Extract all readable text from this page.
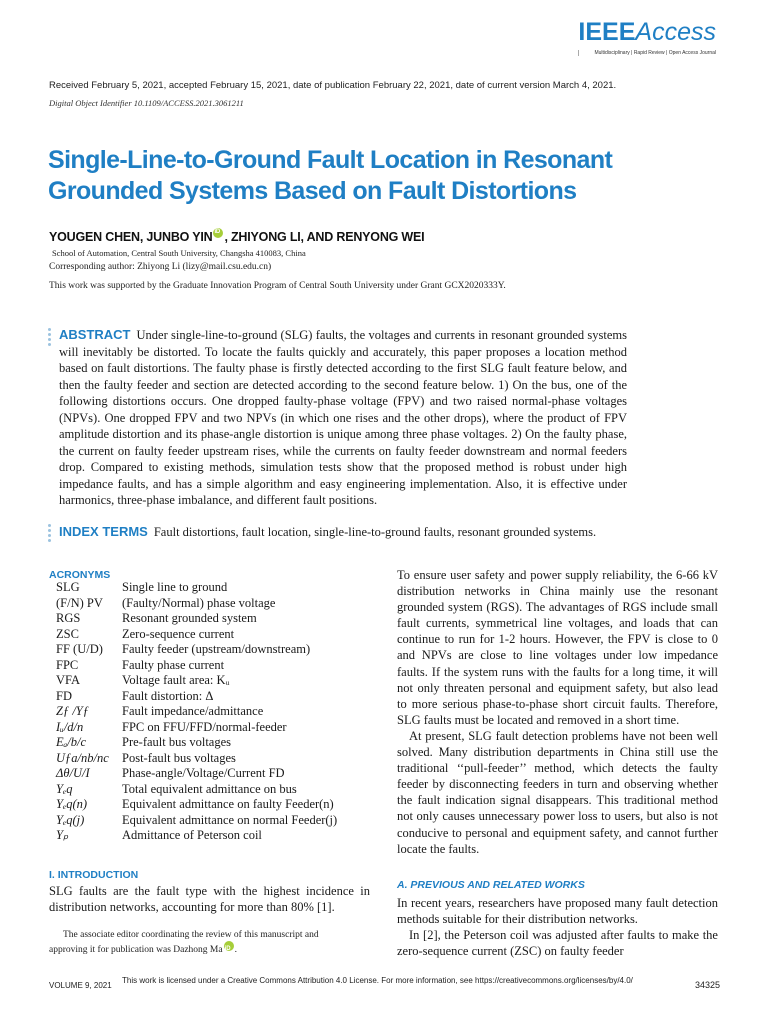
IEEEAccess
Multidisciplinary | Rapid Review | Open Access Journal
Received February 5, 2021, accepted February 15, 2021, date of publication February 22, 2021, date of current version March 4, 2021.
Digital Object Identifier 10.1109/ACCESS.2021.3061211
Single-Line-to-Ground Fault Location in Resonant
Grounded Systems Based on Fault Distortions
YOUGEN CHEN, JUNBO YIN iD , ZHIYONG LI, AND RENYONG WEI
School of Automation, Central South University, Changsha 410083, China
Corresponding author: Zhiyong Li (lizy@mail.csu.edu.cn)
This work was supported by the Graduate Innovation Program of Central South University under Grant GCX2020333Y.
ABSTRACT Under single-line-to-ground (SLG) faults, the voltages and currents in resonant grounded systems will inevitably be distorted. To locate the faults quickly and accurately, this paper proposes a location method based on fault distortions. The faulty phase is firstly detected according to the first SLG fault feature below, and then the faulty feeder and section are detected according to the second feature below. 1) On the bus, one of the following distortions occurs. One dropped faulty-phase voltage (FPV) and two raised normal-phase voltages (NPVs). One dropped FPV and two NPVs (in which one rises and the other drops), where the product of FPV amplitude distortion and its phase-angle distortion is unique among three phase voltages. 2) On the faulty phase, the current on faulty feeder upstream rises, while the currents on faulty feeder downstream and normal feeders drop. Compared to existing methods, simulation tests show that the proposed method is robust under high impedance faults, and has a simple algorithm and easy engineering implementation. Also, it is effective under harmonics, three-phase imbalance, and different fault positions.
INDEX TERMS Fault distortions, fault location, single-line-to-ground faults, resonant grounded systems.
ACRONYMS
SLG	Single line to ground
(F/N) PV	(Faulty/Normal) phase voltage
RGS	Resonant grounded system
ZSC	Zero-sequence current
FF (U/D)	Faulty feeder (upstream/downstream)
FPC	Faulty phase current
VFA	Voltage fault area: Kᵤ
FD	Fault distortion: Δ
Zƒ /Yƒ	Fault impedance/admittance
Iᵤ/d/n	FPC on FFU/FFD/normal-feeder
Eₐ/b/c	Pre-fault bus voltages
Uƒa/nb/nc	Post-fault bus voltages
Δθ/U/I	Phase-angle/Voltage/Current FD
Yₑq	Total equivalent admittance on bus
Yₑq(n)	Equivalent admittance on faulty Feeder(n)
Yₑq(j)	Equivalent admittance on normal Feeder(j)
Yₚ	Admittance of Peterson coil
I. INTRODUCTION
SLG faults are the fault type with the highest incidence in distribution networks, accounting for more than 80% [1].
The associate editor coordinating the review of this manuscript and
approving it for publication was Dazhong Ma iD .

To ensure user safety and power supply reliability, the 6-66 kV distribution networks in China mainly use the resonant grounded system (RGS). The advantages of RGS include small fault currents, symmetrical line voltages, and loads that can continue to run for 1-2 hours. However, the FPV is close to 0 and NPVs are close to line voltages under low impedance faults. If the system runs with the faults for a long time, it will not only threaten personal and equipment safety, but also lead to more serious phase-to-phase short circuit faults. Therefore, SLG faults must be located and removed in a short time.

At present, SLG fault detection problems have not been well solved. Many distribution departments in China still use the traditional ‘‘pull-feeder’’ method, which detects the faulty feeder by disconnecting feeders in turn and observing whether the fault indication signal disappears. This traditional method not only causes unnecessary power loss to users, but also is not conducive to personal and equipment safety, and cannot further locate the faults.

A. PREVIOUS AND RELATED WORKS

In recent years, researchers have proposed many fault detection methods suitable for their distribution networks.

In [2], the Peterson coil was adjusted after faults to make the zero-sequence current (ZSC) on faulty feeder

VOLUME 9, 2021
This work is licensed under a Creative Commons Attribution 4.0 License. For more information, see https://creativecommons.org/licenses/by/4.0/	34325
